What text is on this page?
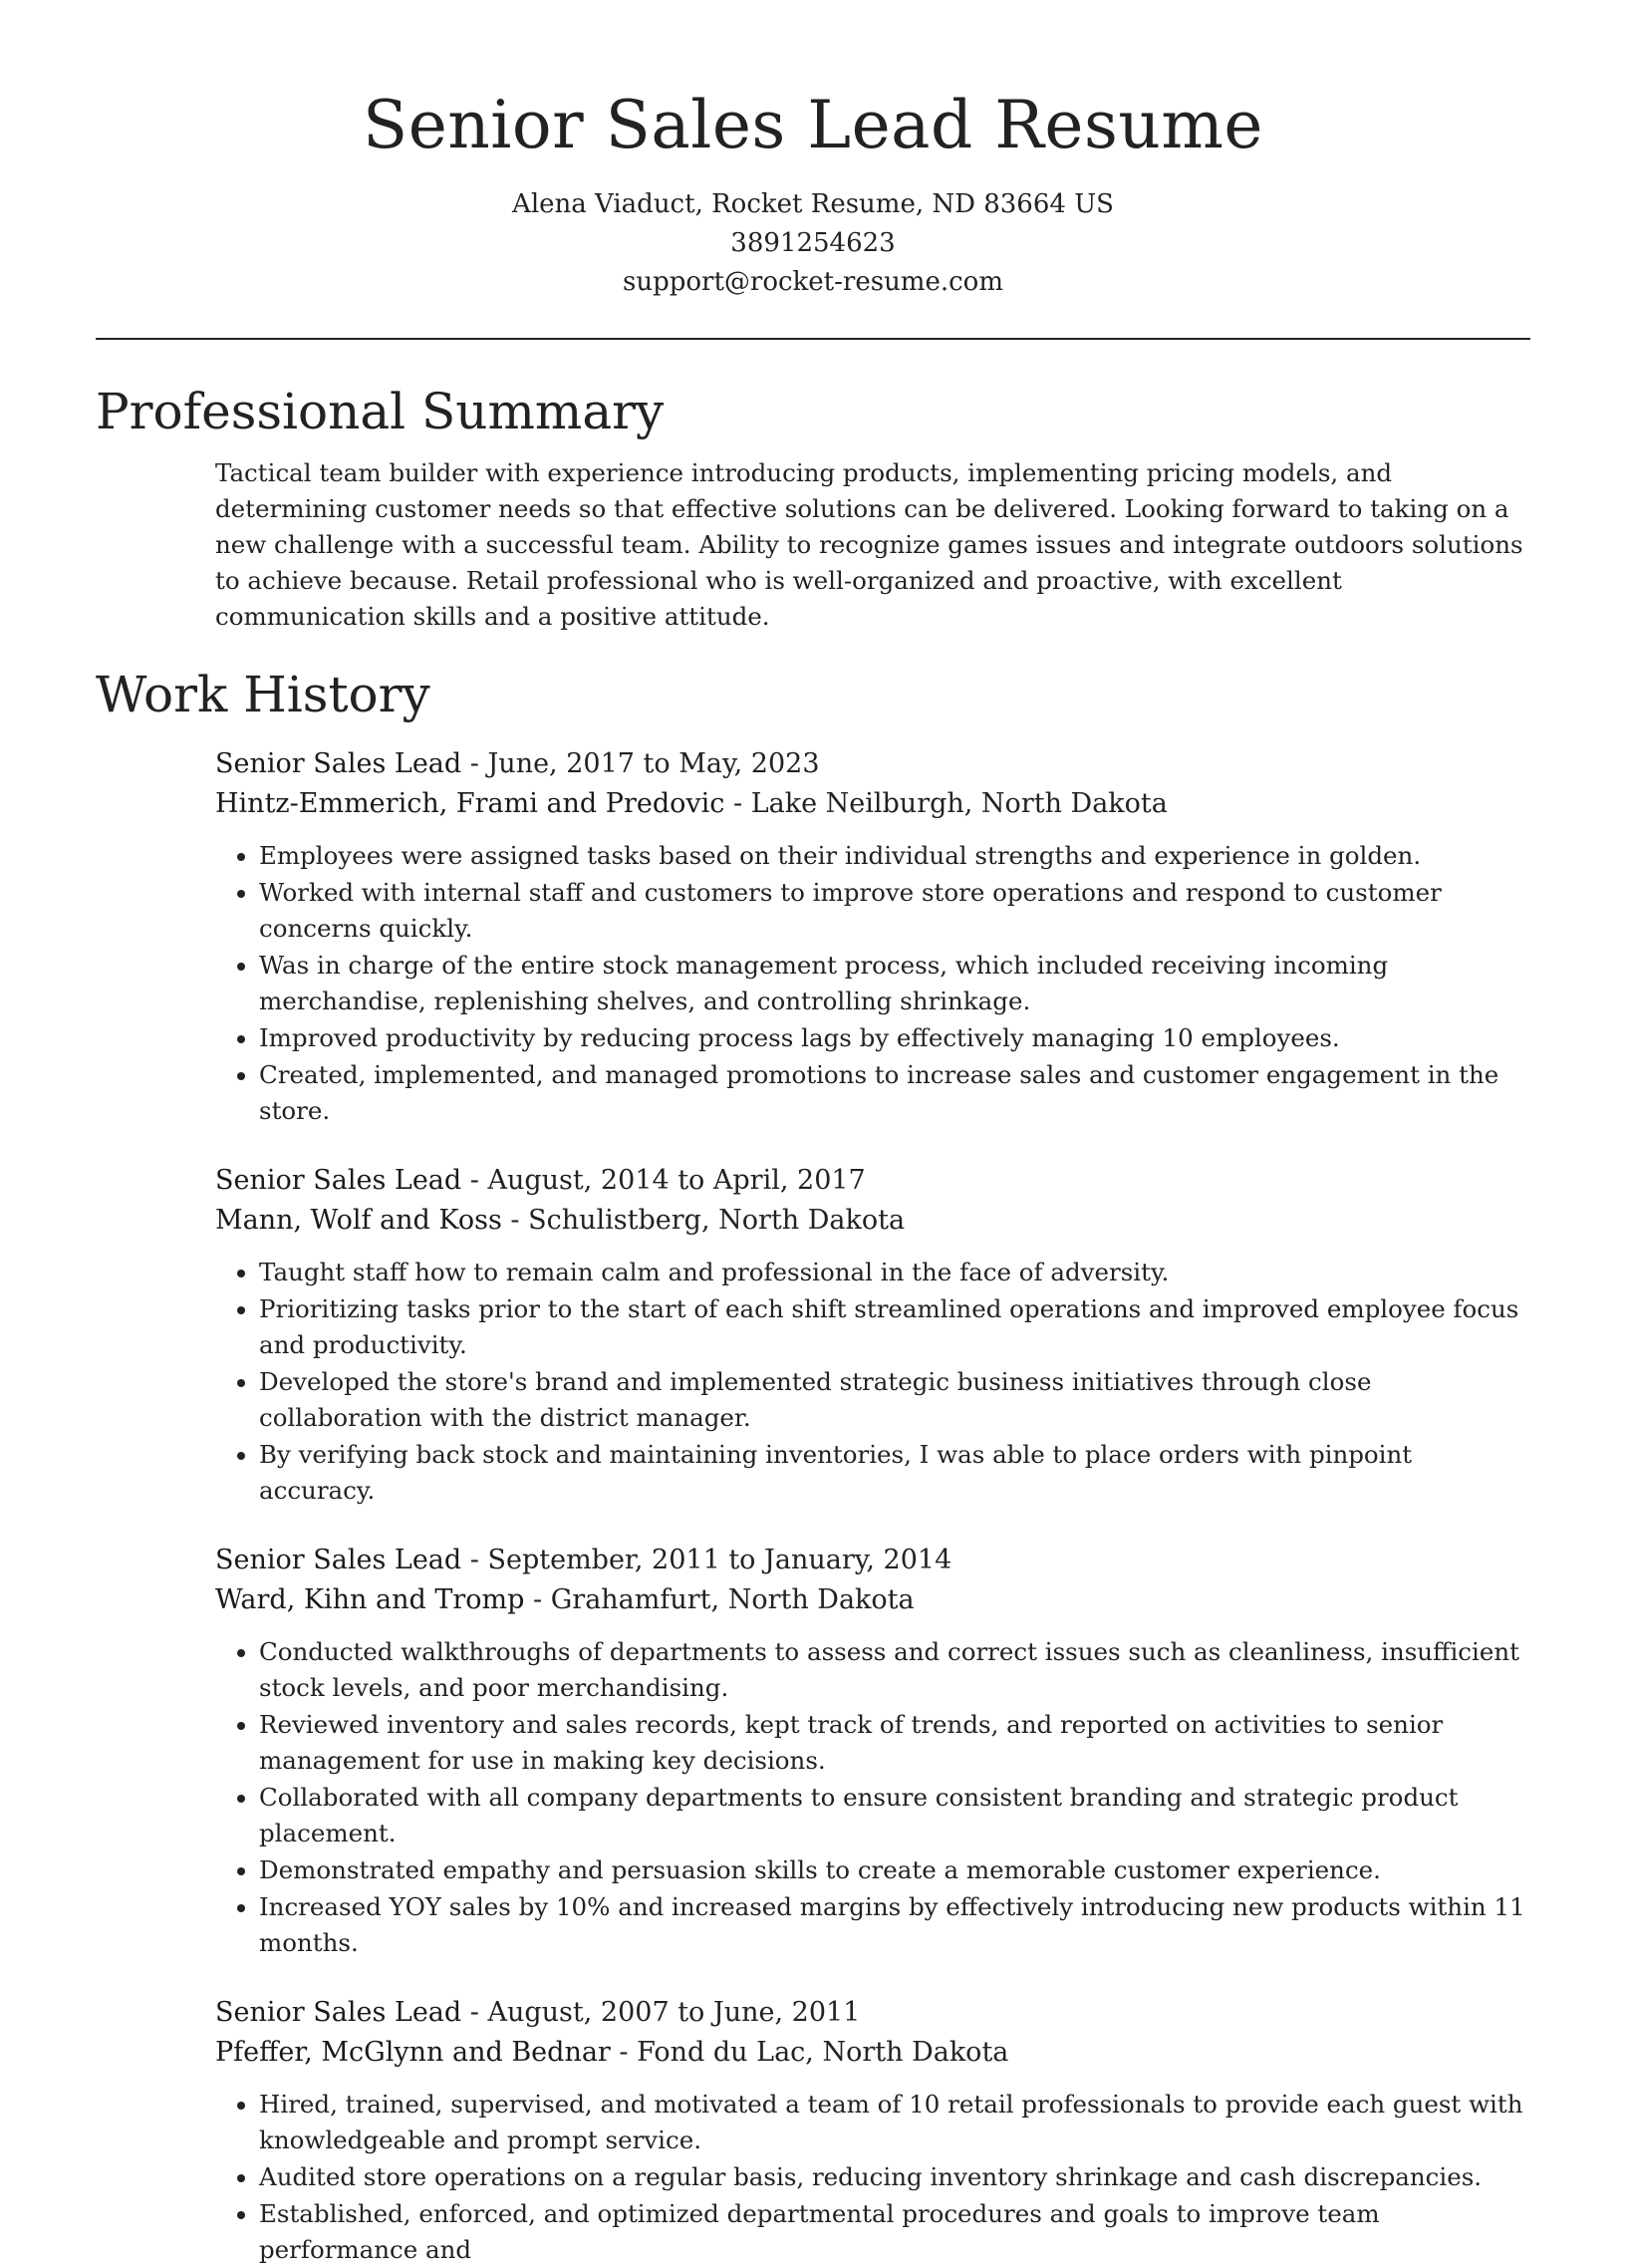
Senior Sales Lead Resume
Alena Viaduct, Rocket Resume, ND 83664 US
3891254623
support@rocket-resume.com
Professional Summary

Tactical team builder with experience introducing products, implementing pricing models, and determining customer needs so that effective solutions can be delivered. Looking forward to taking on a new challenge with a successful team. Ability to recognize games issues and integrate outdoors solutions to achieve because. Retail professional who is well-organized and proactive, with excellent communication skills and a positive attitude.

Work History
Senior Sales Lead - June, 2017 to May, 2023
Hintz-Emmerich, Frami and Predovic - Lake Neilburgh, North Dakota
• Employees were assigned tasks based on their individual strengths and experience in golden.
• Worked with internal staff and customers to improve store operations and respond to customer concerns quickly.
• Was in charge of the entire stock management process, which included receiving incoming merchandise, replenishing shelves, and controlling shrinkage.
• Improved productivity by reducing process lags by effectively managing 10 employees.
• Created, implemented, and managed promotions to increase sales and customer engagement in the store.
Senior Sales Lead - August, 2014 to April, 2017
Mann, Wolf and Koss - Schulistberg, North Dakota
• Taught staff how to remain calm and professional in the face of adversity.
• Prioritizing tasks prior to the start of each shift streamlined operations and improved employee focus and productivity.
• Developed the store's brand and implemented strategic business initiatives through close collaboration with the district manager.
• By verifying back stock and maintaining inventories, I was able to place orders with pinpoint accuracy.
Senior Sales Lead - September, 2011 to January, 2014
Ward, Kihn and Tromp - Grahamfurt, North Dakota
• Conducted walkthroughs of departments to assess and correct issues such as cleanliness, insufficient stock levels, and poor merchandising.
• Reviewed inventory and sales records, kept track of trends, and reported on activities to senior management for use in making key decisions.
• Collaborated with all company departments to ensure consistent branding and strategic product placement.
• Demonstrated empathy and persuasion skills to create a memorable customer experience.
• Increased YOY sales by 10% and increased margins by effectively introducing new products within 11 months.
Senior Sales Lead - August, 2007 to June, 2011
Pfeffer, McGlynn and Bednar - Fond du Lac, North Dakota
• Hired, trained, supervised, and motivated a team of 10 retail professionals to provide each guest with knowledgeable and prompt service.
• Audited store operations on a regular basis, reducing inventory shrinkage and cash discrepancies.
• Established, enforced, and optimized departmental procedures and goals to improve team performance and
